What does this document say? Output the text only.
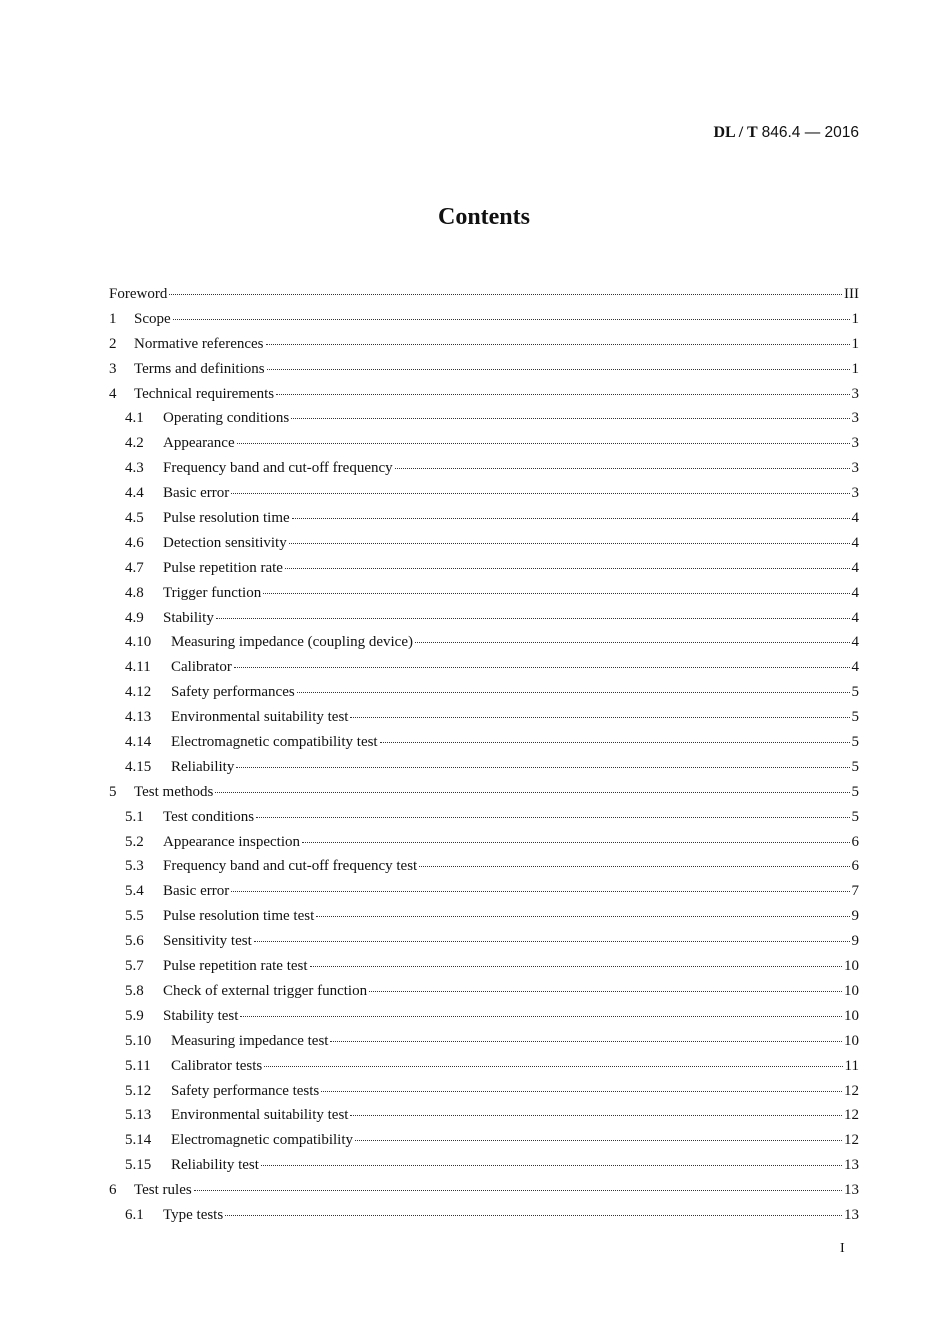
DL / T 846.4 — 2016
Contents
Foreword	III
1	Scope	1
2	Normative references	1
3	Terms and definitions	1
4	Technical requirements	3
4.1	Operating conditions	3
4.2	Appearance	3
4.3	Frequency band and cut-off frequency	3
4.4	Basic error	3
4.5	Pulse resolution time	4
4.6	Detection sensitivity	4
4.7	Pulse repetition rate	4
4.8	Trigger function	4
4.9	Stability	4
4.10	Measuring impedance (coupling device)	4
4.11	Calibrator	4
4.12	Safety performances	5
4.13	Environmental suitability test	5
4.14	Electromagnetic compatibility test	5
4.15	Reliability	5
5	Test methods	5
5.1	Test conditions	5
5.2	Appearance inspection	6
5.3	Frequency band and cut-off frequency test	6
5.4	Basic error	7
5.5	Pulse resolution time test	9
5.6	Sensitivity test	9
5.7	Pulse repetition rate test	10
5.8	Check of external trigger function	10
5.9	Stability test	10
5.10	Measuring impedance test	10
5.11	Calibrator tests	11
5.12	Safety performance tests	12
5.13	Environmental suitability test	12
5.14	Electromagnetic compatibility	12
5.15	Reliability test	13
6	Test rules	13
6.1	Type tests	13
I
